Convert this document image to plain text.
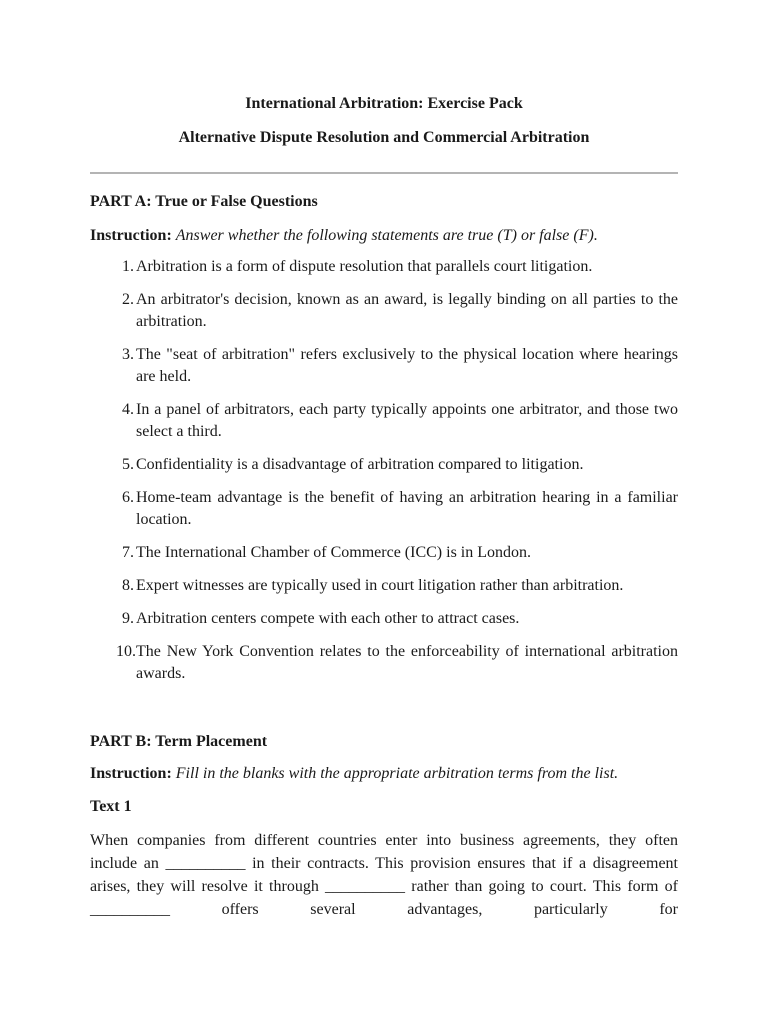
International Arbitration: Exercise Pack
Alternative Dispute Resolution and Commercial Arbitration
PART A: True or False Questions
Instruction: Answer whether the following statements are true (T) or false (F).
1. Arbitration is a form of dispute resolution that parallels court litigation.
2. An arbitrator's decision, known as an award, is legally binding on all parties to the arbitration.
3. The "seat of arbitration" refers exclusively to the physical location where hearings are held.
4. In a panel of arbitrators, each party typically appoints one arbitrator, and those two select a third.
5. Confidentiality is a disadvantage of arbitration compared to litigation.
6. Home-team advantage is the benefit of having an arbitration hearing in a familiar location.
7. The International Chamber of Commerce (ICC) is in London.
8. Expert witnesses are typically used in court litigation rather than arbitration.
9. Arbitration centers compete with each other to attract cases.
10. The New York Convention relates to the enforceability of international arbitration awards.
PART B: Term Placement
Instruction: Fill in the blanks with the appropriate arbitration terms from the list.
Text 1
When companies from different countries enter into business agreements, they often include an __________ in their contracts. This provision ensures that if a disagreement arises, they will resolve it through __________ rather than going to court. This form of __________ offers several advantages, particularly for
